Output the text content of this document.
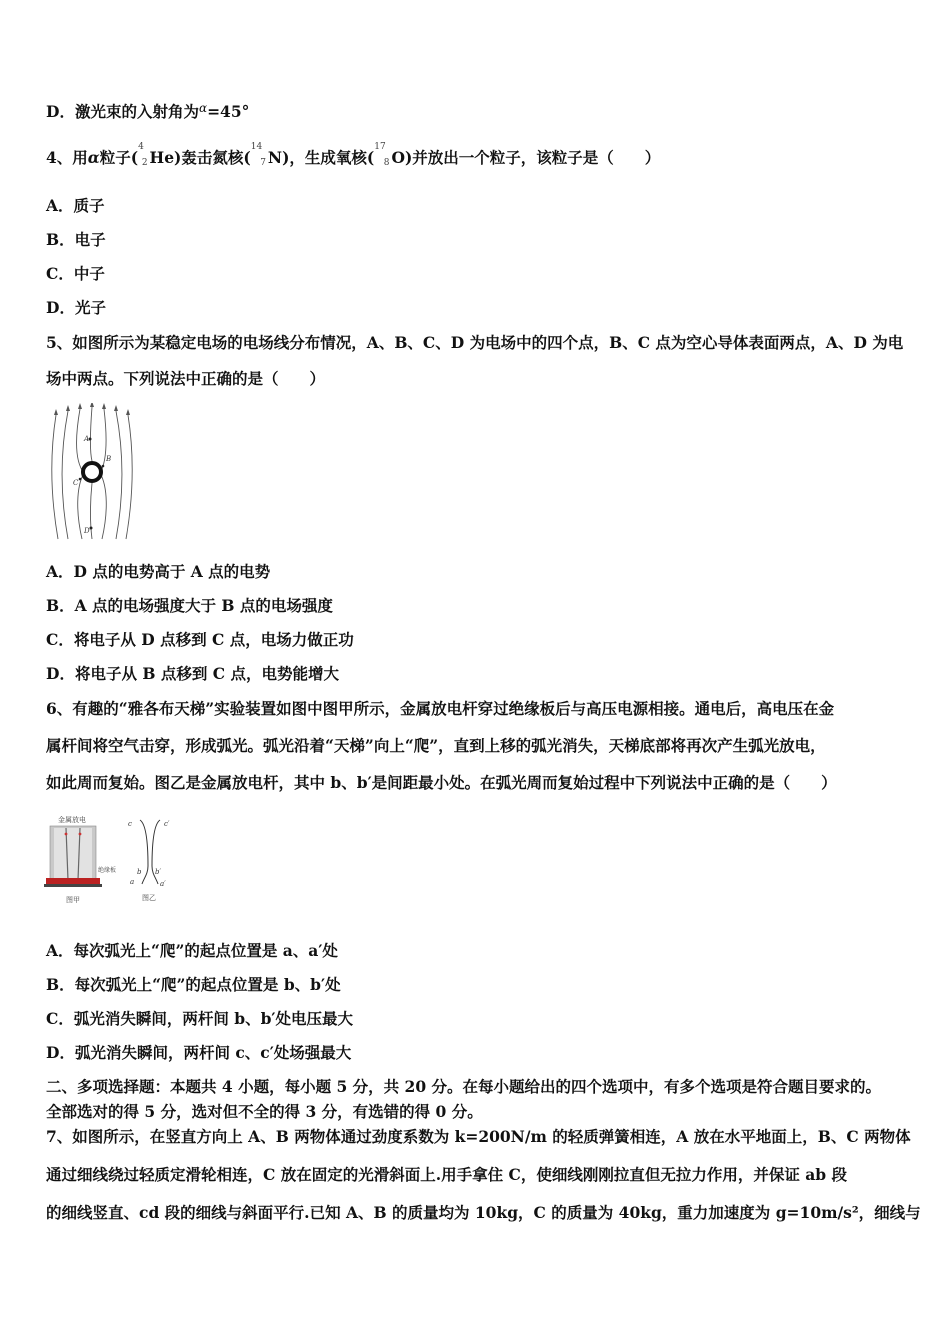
D．激光束的入射角为$^\alpha$=45°
4、用α粒子($^4$2 He)轰击氮核($^{14}$7 N)，生成氧核($^{17}$8 O)并放出一个粒子，该粒子是（　　）
A．质子
B．电子
C．中子
D．光子
5、如图所示为某稳定电场的电场线分布情况，A、B、C、D 为电场中的四个点，B、C 点为空心导体表面两点，A、D 为电
场中两点。下列说法中正确的是（　　）
A
B
C
D
A．D 点的电势高于 A 点的电势
B．A 点的电场强度大于 B 点的电场强度
C．将电子从 D 点移到 C 点，电场力做正功
D．将电子从 B 点移到 C 点，电势能增大
6、有趣的“雅各布天梯”实验装置如图中图甲所示，金属放电杆穿过绝缘板后与高压电源相接。通电后，高电压在金
属杆间将空气击穿，形成弧光。弧光沿着“天梯”向上“爬”，直到上移的弧光消失，天梯底部将再次产生弧光放电，
如此周而复始。图乙是金属放电杆，其中 b、b′是间距最小处。在弧光周而复始过程中下列说法中正确的是（　　）
金属放电
绝缘板
图甲
c	c′
b b′
a	a′
图乙
A．每次弧光上“爬”的起点位置是 a、a′处
B．每次弧光上“爬”的起点位置是 b、b′处
C．弧光消失瞬间，两杆间 b、b′处电压最大
D．弧光消失瞬间，两杆间 c、c′处场强最大
二、多项选择题：本题共 4 小题，每小题 5 分，共 20 分。在每小题给出的四个选项中，有多个选项是符合题目要求的。
全部选对的得 5 分，选对但不全的得 3 分，有选错的得 0 分。
7、如图所示，在竖直方向上 A、B 两物体通过劲度系数为 k=200N/m 的轻质弹簧相连，A 放在水平地面上，B、C 两物体
通过细线绕过轻质定滑轮相连，C 放在固定的光滑斜面上.用手拿住 C，使细线刚刚拉直但无拉力作用，并保证 ab 段
的细线竖直、cd 段的细线与斜面平行.已知 A、B 的质量均为 10kg，C 的质量为 40kg，重力加速度为 g=10m/s²，细线与
